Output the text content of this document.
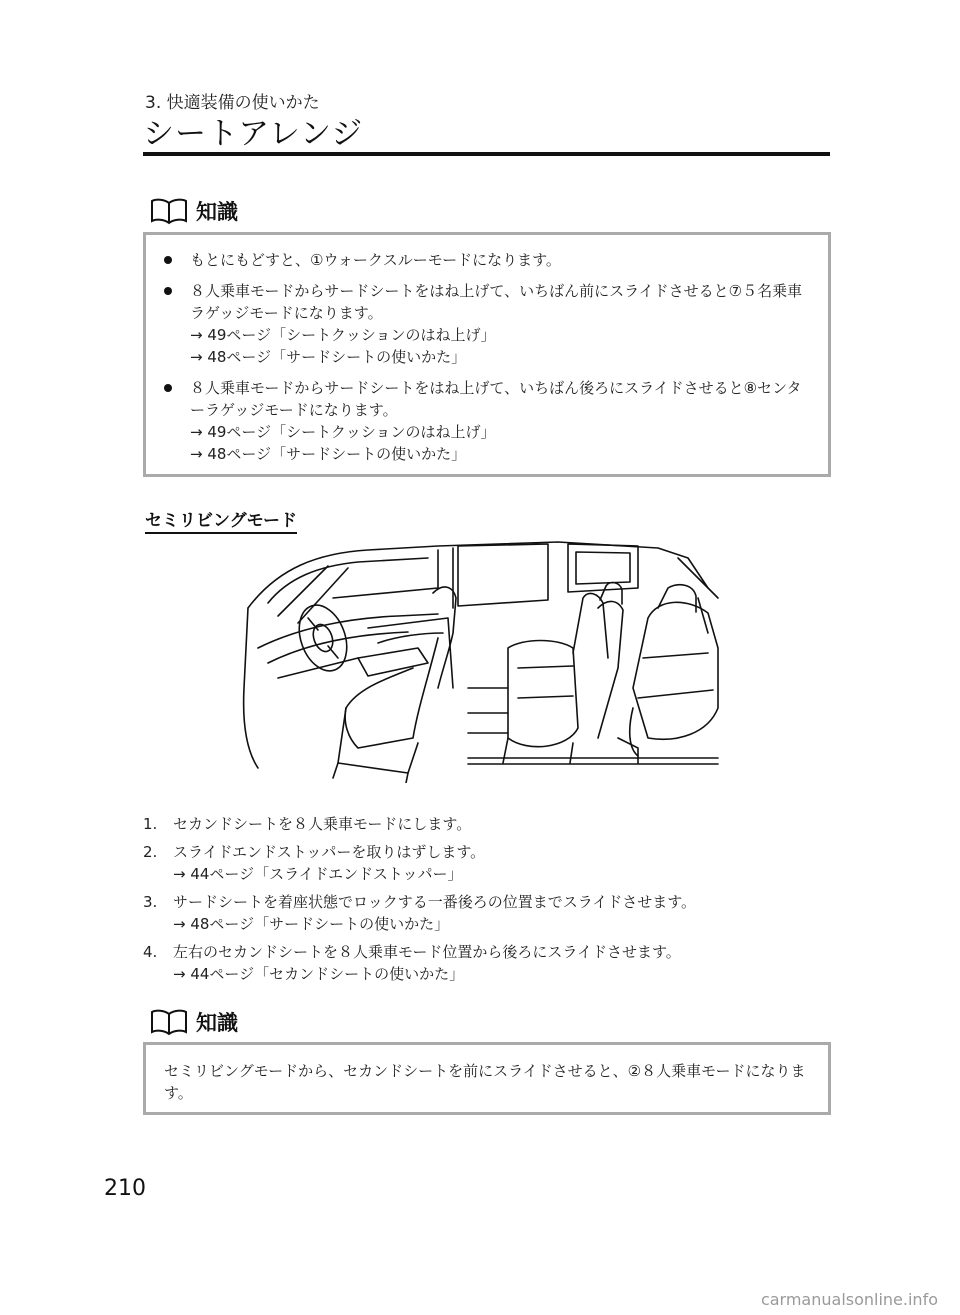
3. 快適装備の使いかた
シートアレンジ
知識
もとにもどすと、①ウォークスルーモードになります。
８人乗車モードからサードシートをはね上げて、いちばん前にスライドさせると⑦５名乗車ラゲッジモードになります。
→ 49ページ「シートクッションのはね上げ」
→ 48ページ「サードシートの使いかた」
８人乗車モードからサードシートをはね上げて、いちばん後ろにスライドさせると⑧センターラゲッジモードになります。
→ 49ページ「シートクッションのはね上げ」
→ 48ページ「サードシートの使いかた」
セミリビングモード
1.	セカンドシートを８人乗車モードにします。
2.	スライドエンドストッパーを取りはずします。
→ 44ページ「スライドエンドストッパー」
3.	サードシートを着座状態でロックする一番後ろの位置までスライドさせます。
→ 48ページ「サードシートの使いかた」
4.	左右のセカンドシートを８人乗車モード位置から後ろにスライドさせます。
→ 44ページ「セカンドシートの使いかた」
知識

セミリビングモードから、セカンドシートを前にスライドさせると、②８人乗車モードになります。

210
carmanualsonline.info
